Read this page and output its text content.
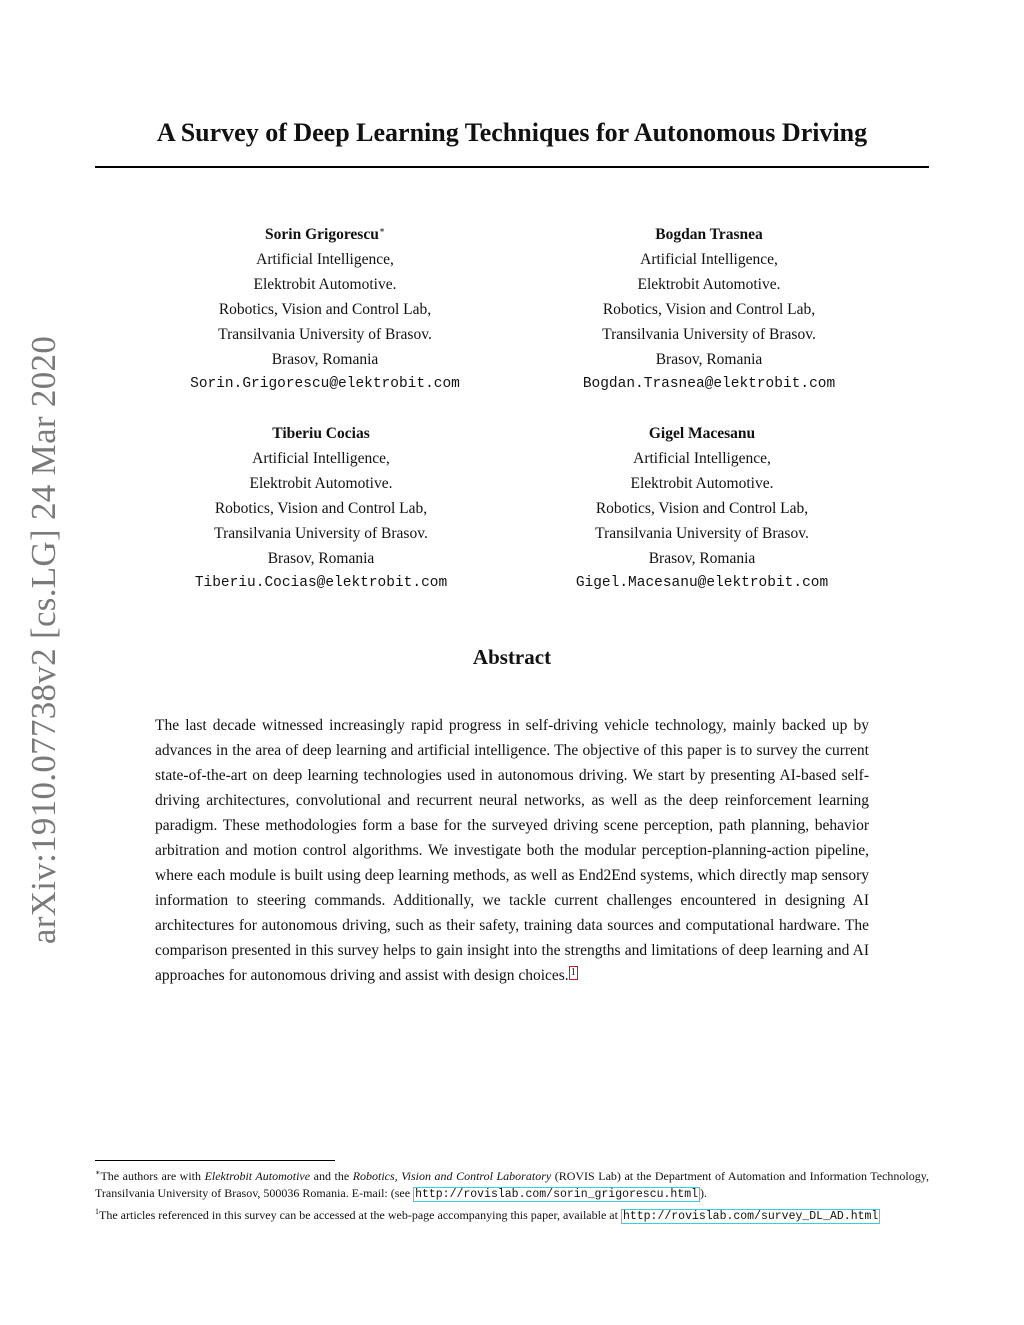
arXiv:1910.07738v2 [cs.LG] 24 Mar 2020
A Survey of Deep Learning Techniques for Autonomous Driving
Sorin Grigorescu∗
Artificial Intelligence,
Elektrobit Automotive.
Robotics, Vision and Control Lab,
Transilvania University of Brasov.
Brasov, Romania
Sorin.Grigorescu@elektrobit.com
Bogdan Trasnea
Artificial Intelligence,
Elektrobit Automotive.
Robotics, Vision and Control Lab,
Transilvania University of Brasov.
Brasov, Romania
Bogdan.Trasnea@elektrobit.com
Tiberiu Cocias
Artificial Intelligence,
Elektrobit Automotive.
Robotics, Vision and Control Lab,
Transilvania University of Brasov.
Brasov, Romania
Tiberiu.Cocias@elektrobit.com
Gigel Macesanu
Artificial Intelligence,
Elektrobit Automotive.
Robotics, Vision and Control Lab,
Transilvania University of Brasov.
Brasov, Romania
Gigel.Macesanu@elektrobit.com
Abstract

The last decade witnessed increasingly rapid progress in self-driving vehicle technology, mainly backed up by advances in the area of deep learning and artificial intelligence. The objective of this paper is to survey the current state-of-the-art on deep learning technologies used in autonomous driving. We start by presenting AI-based self-driving architectures, convolutional and recurrent neural networks, as well as the deep reinforcement learning paradigm. These methodologies form a base for the surveyed driving scene perception, path planning, behavior arbitration and motion control algorithms. We investigate both the modular perception-planning-action pipeline, where each module is built using deep learning methods, as well as End2End systems, which directly map sensory information to steering commands. Additionally, we tackle current challenges encountered in designing AI architectures for autonomous driving, such as their safety, training data sources and computational hardware. The comparison presented in this survey helps to gain insight into the strengths and limitations of deep learning and AI approaches for autonomous driving and assist with design choices. 1

∗The authors are with Elektrobit Automotive and the Robotics, Vision and Control Laboratory (ROVIS Lab) at the Department of Automation and Information Technology, Transilvania University of Brasov, 500036 Romania. E-mail: (see http://rovislab.com/sorin_grigorescu.html ).

$^1$The articles referenced in this survey can be accessed at the web-page accompanying this paper, available at http://rovislab.com/survey_DL_AD.html
